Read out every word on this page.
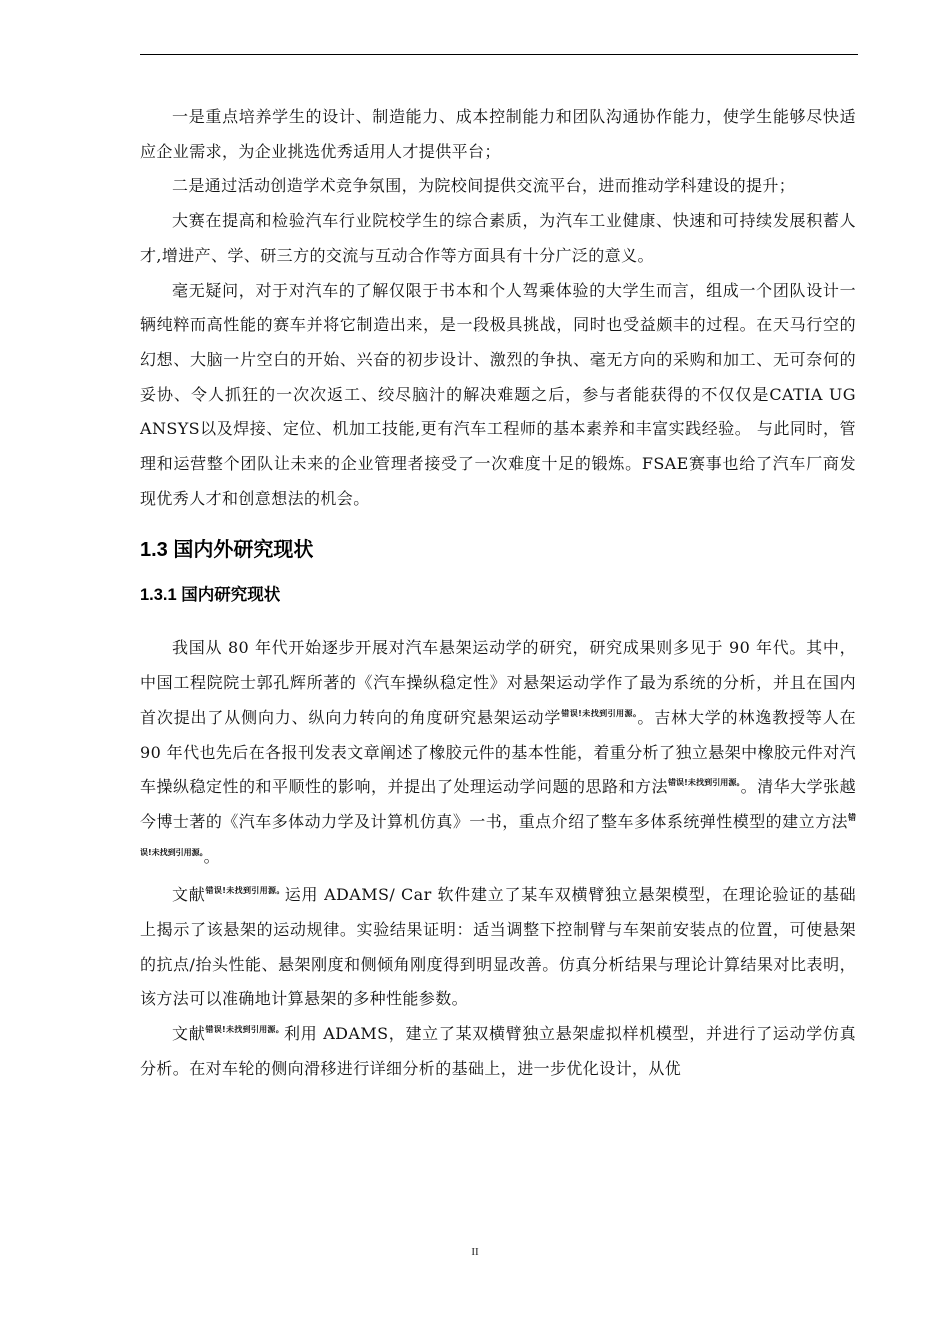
一是重点培养学生的设计、制造能力、成本控制能力和团队沟通协作能力，使学生能够尽快适应企业需求，为企业挑选优秀适用人才提供平台；

二是通过活动创造学术竞争氛围，为院校间提供交流平台，进而推动学科建设的提升；

大赛在提高和检验汽车行业院校学生的综合素质，为汽车工业健康、快速和可持续发展积蓄人才,增进产、学、研三方的交流与互动合作等方面具有十分广泛的意义。

毫无疑问，对于对汽车的了解仅限于书本和个人驾乘体验的大学生而言，组成一个团队设计一辆纯粹而高性能的赛车并将它制造出来，是一段极具挑战，同时也受益颇丰的过程。在天马行空的幻想、大脑一片空白的开始、兴奋的初步设计、激烈的争执、毫无方向的采购和加工、无可奈何的妥协、令人抓狂的一次次返工、绞尽脑汁的解决难题之后，参与者能获得的不仅仅是CATIA UG ANSYS以及焊接、定位、机加工技能,更有汽车工程师的基本素养和丰富实践经验。 与此同时，管理和运营整个团队让未来的企业管理者接受了一次难度十足的锻炼。FSAE赛事也给了汽车厂商发现优秀人才和创意想法的机会。

1.3 国内外研究现状
1.3.1 国内研究现状

我国从 80 年代开始逐步开展对汽车悬架运动学的研究，研究成果则多见于 90 年代。其中，中国工程院院士郭孔辉所著的《汽车操纵稳定性》对悬架运动学作了最为系统的分析，并且在国内首次提出了从侧向力、纵向力转向的角度研究悬架运动学$^{错误!未找到引用源。}$。吉林大学的林逸教授等人在 90 年代也先后在各报刊发表文章阐述了橡胶元件的基本性能，着重分析了独立悬架中橡胶元件对汽车操纵稳定性的和平顺性的影响，并提出了处理运动学问题的思路和方法$^{错误!未找到引用源。}$。清华大学张越今博士著的《汽车多体动力学及计算机仿真》一书，重点介绍了整车多体系统弹性模型的建立方法$^{错误!未找到引用源。}$。

文献$^{错误!未找到引用源。}$运用 ADAMS/ Car 软件建立了某车双横臂独立悬架模型，在理论验证的基础上揭示了该悬架的运动规律。实验结果证明：适当调整下控制臂与车架前安装点的位置，可使悬架的抗点/抬头性能、悬架刚度和侧倾角刚度得到明显改善。仿真分析结果与理论计算结果对比表明，该方法可以准确地计算悬架的多种性能参数。

文献$^{错误!未找到引用源。}$利用 ADAMS，建立了某双横臂独立悬架虚拟样机模型，并进行了运动学仿真分析。在对车轮的侧向滑移进行详细分析的基础上，进一步优化设计，从优

II
